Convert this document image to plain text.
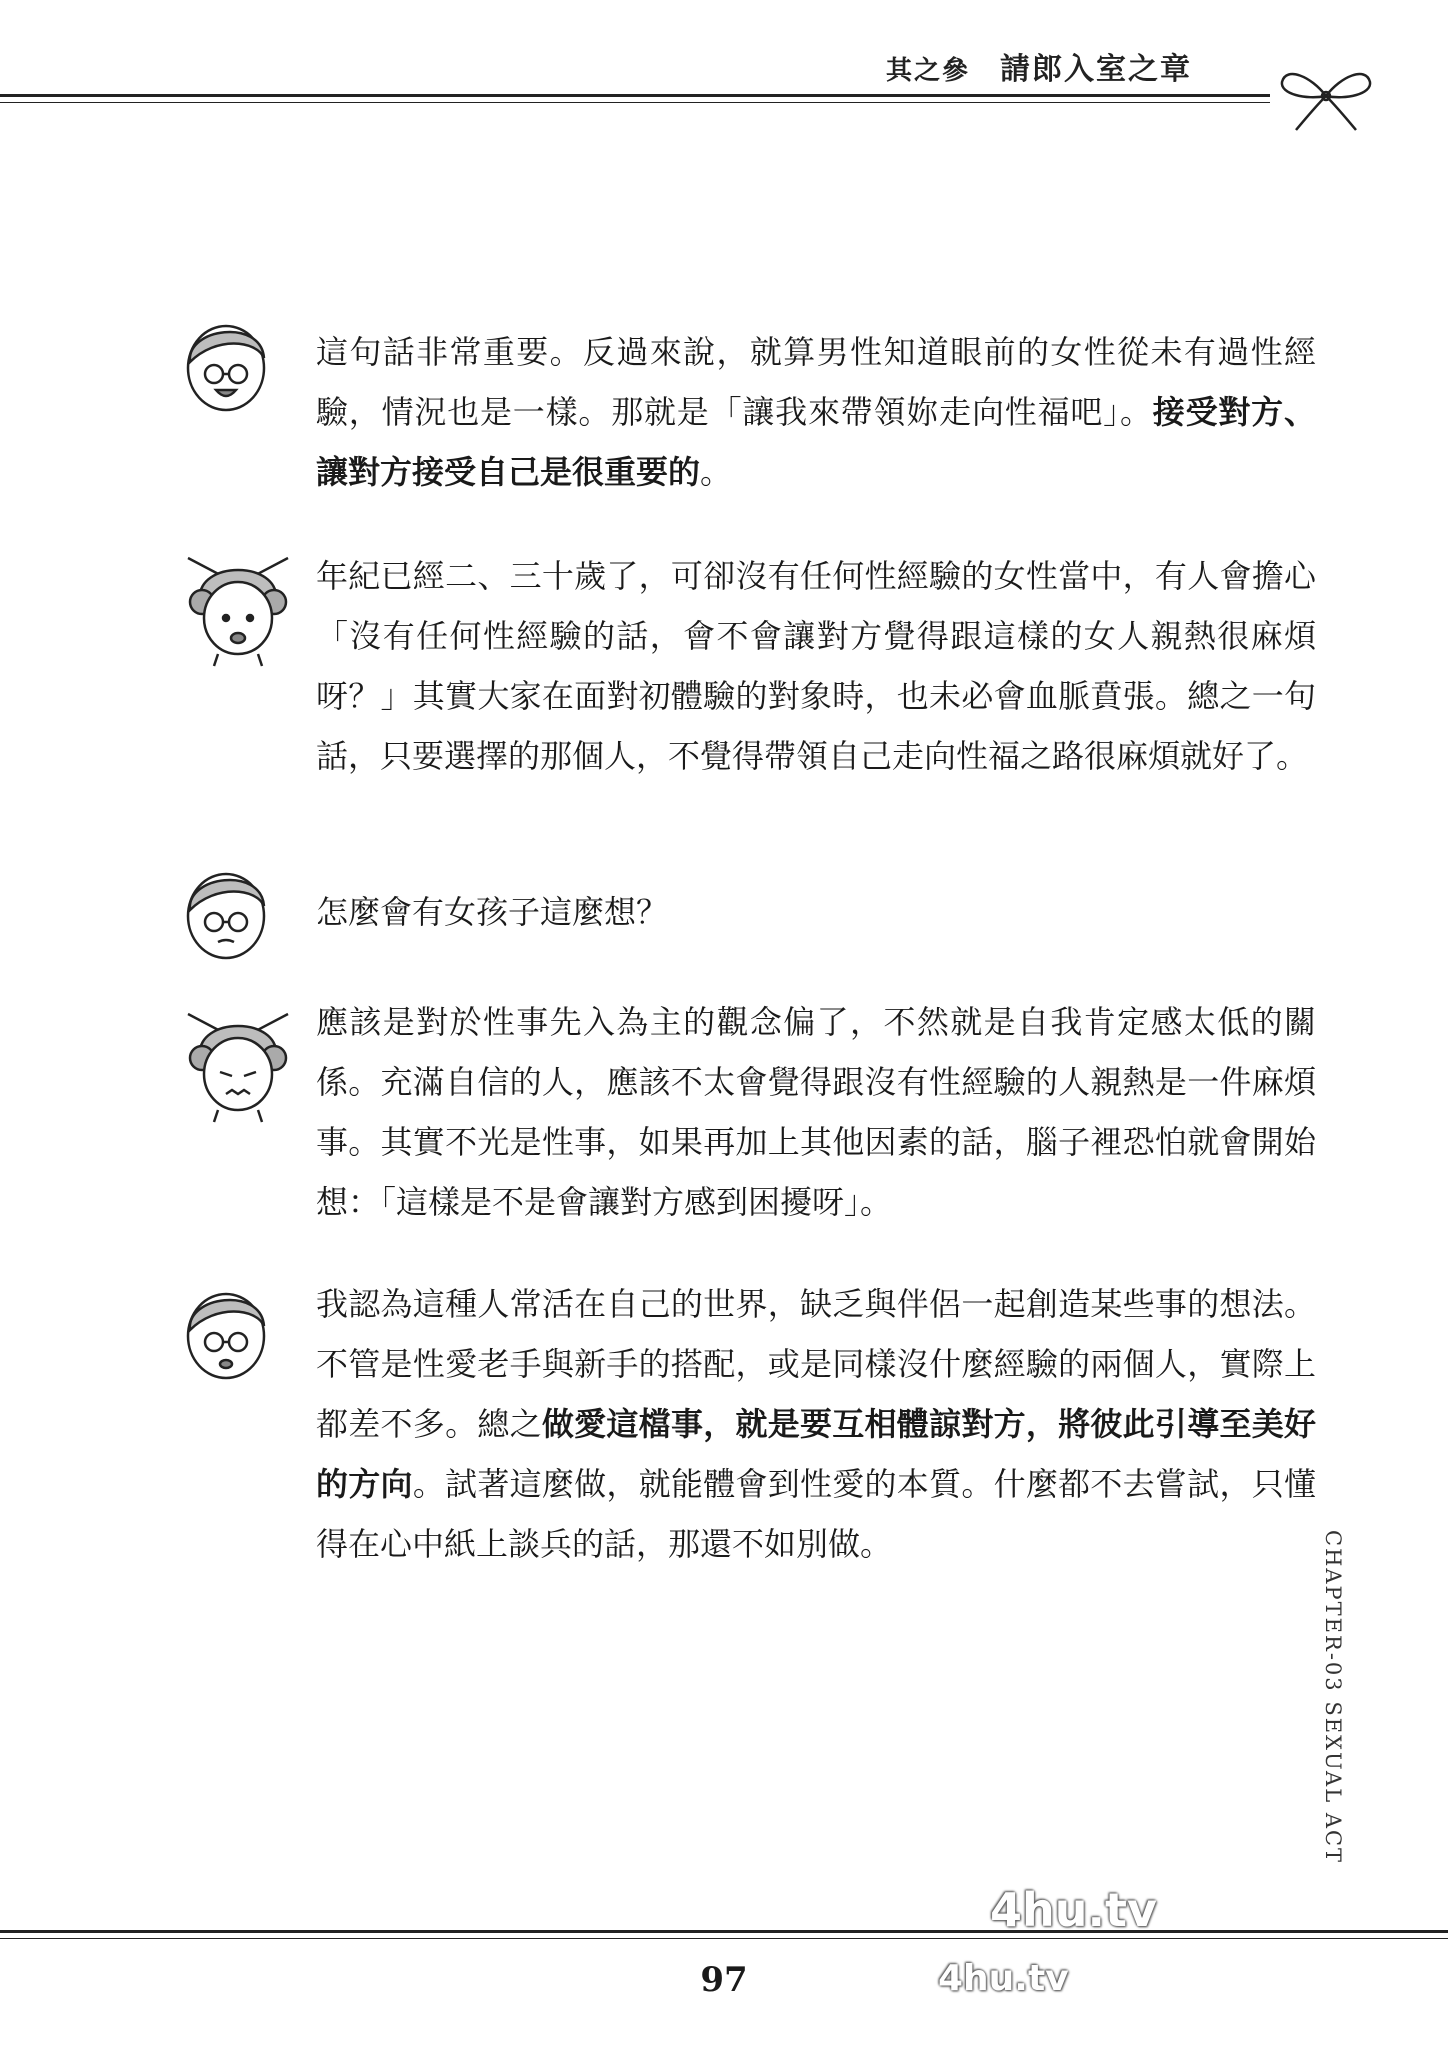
其之參 請郎入室之章
這句話非常重要。反過來說，就算男性知道眼前的女性從未有過性經驗，情況也是一樣。那就是「讓我來帶領妳走向性福吧」。接受對方、讓對方接受自己是很重要的。
年紀已經二、三十歲了，可卻沒有任何性經驗的女性當中，有人會擔心「沒有任何性經驗的話，會不會讓對方覺得跟這樣的女人親熱很麻煩呀？」其實大家在面對初體驗的對象時，也未必會血脈賁張。總之一句話，只要選擇的那個人，不覺得帶領自己走向性福之路很麻煩就好了。
怎麼會有女孩子這麼想？
應該是對於性事先入為主的觀念偏了，不然就是自我肯定感太低的關係。充滿自信的人，應該不太會覺得跟沒有性經驗的人親熱是一件麻煩事。其實不光是性事，如果再加上其他因素的話，腦子裡恐怕就會開始想：「這樣是不是會讓對方感到困擾呀」。
我認為這種人常活在自己的世界，缺乏與伴侶一起創造某些事的想法。不管是性愛老手與新手的搭配，或是同樣沒什麼經驗的兩個人，實際上都差不多。總之做愛這檔事，就是要互相體諒對方，將彼此引導至美好的方向。試著這麼做，就能體會到性愛的本質。什麼都不去嘗試，只懂得在心中紙上談兵的話，那還不如別做。	CHAPTER-03 SEXUAL ACT
97
4hu.tv
4hu.tv
